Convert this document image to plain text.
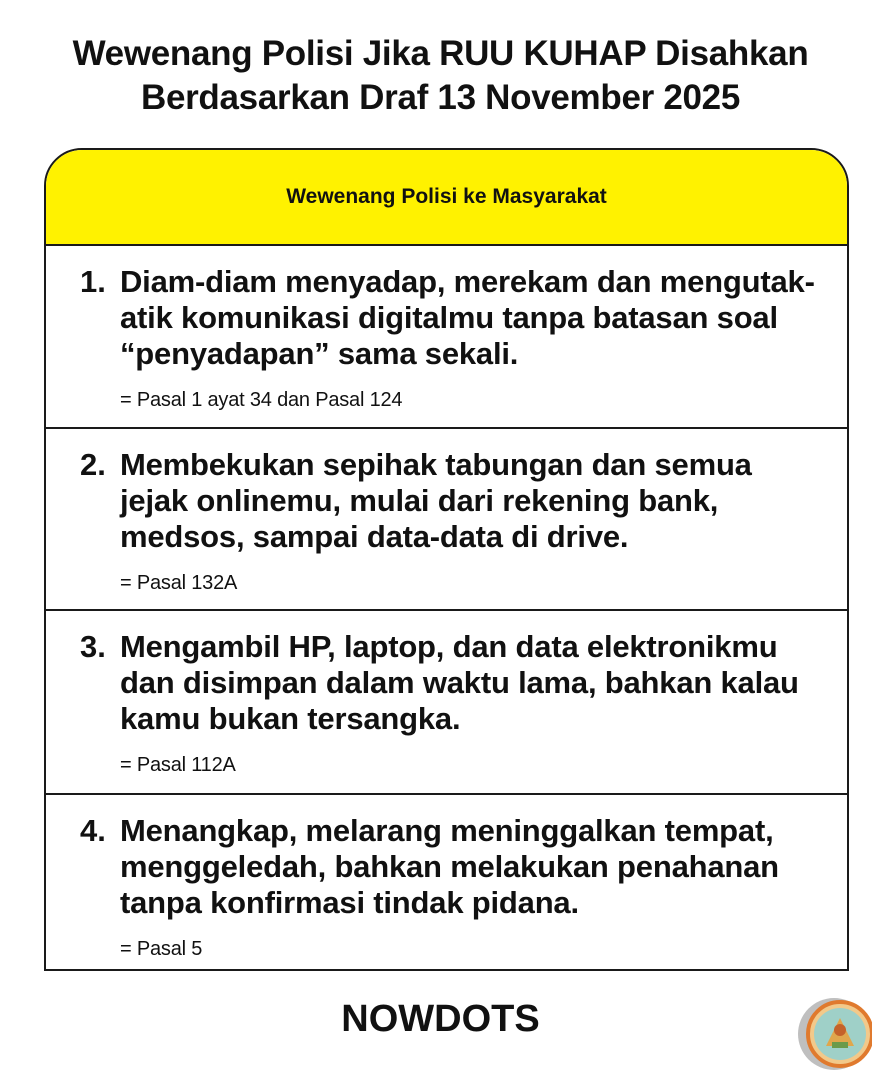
Wewenang Polisi Jika RUU KUHAP Disahkan
Berdasarkan Draf 13 November 2025
Wewenang Polisi ke Masyarakat
1. Diam-diam menyadap, merekam dan mengutak-atik komunikasi digitalmu tanpa batasan soal “penyadapan” sama sekali.

= Pasal 1 ayat 34 dan Pasal 124
2. Membekukan sepihak tabungan dan semua jejak onlinemu, mulai dari rekening bank, medsos, sampai data-data di drive.

= Pasal 132A
3. Mengambil HP, laptop, dan data elektronikmu dan disimpan dalam waktu lama, bahkan kalau kamu bukan tersangka.

= Pasal 112A
4. Menangkap, melarang meninggalkan tempat, menggeledah, bahkan melakukan penahanan tanpa konfirmasi tindak pidana.

= Pasal 5
NOWDOTS
